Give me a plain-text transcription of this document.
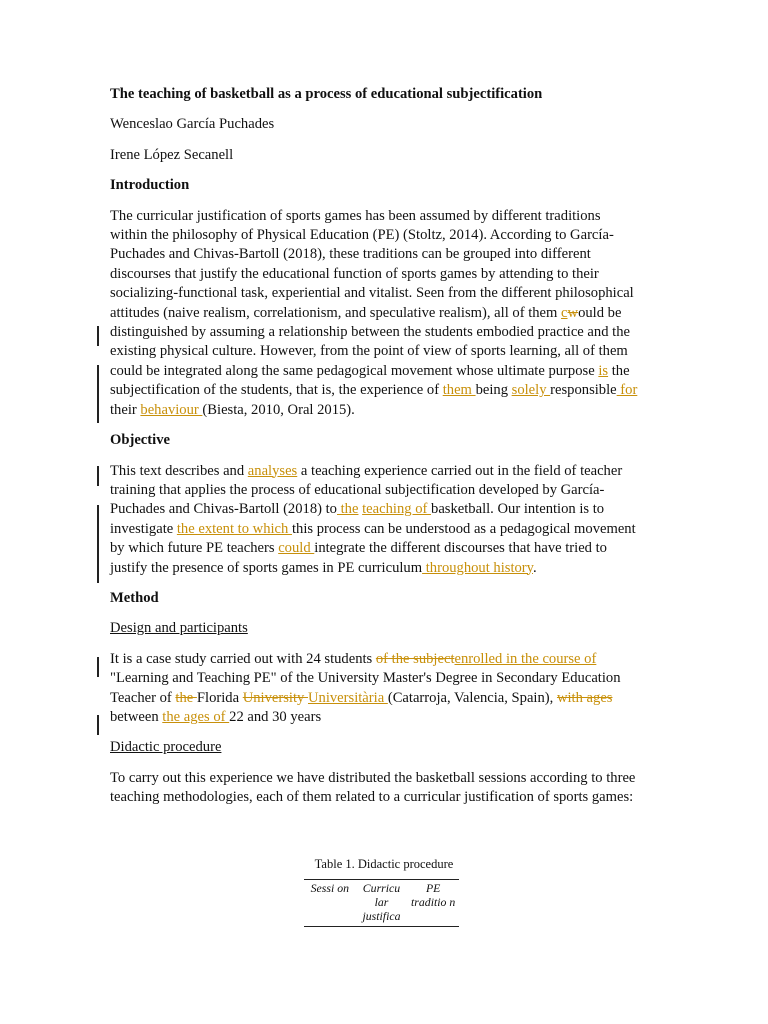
The teaching of basketball as a process of educational subjectification

Wenceslao García Puchades

Irene López Secanell

Introduction

The curricular justification of sports games has been assumed by different traditions within the philosophy of Physical Education (PE) (Stoltz, 2014). According to García-Puchades and Chivas-Bartoll (2018), these traditions can be grouped into different discourses that justify the educational function of sports games by attending to their socializing-functional task, experiential and vitalist. Seen from the different philosophical attitudes (naive realism, correlationism, and speculative realism), all of them cwould be distinguished by assuming a relationship between the students embodied practice and the existing physical culture. However, from the point of view of sports learning, all of them could be integrated along the same pedagogical movement whose ultimate purpose is the subjectification of the students, that is, the experience of them being solely responsible for their behaviour (Biesta, 2010, Oral 2015).

Objective

This text describes and analyses a teaching experience carried out in the field of teacher training that applies the process of educational subjectification developed by García-Puchades and Chivas-Bartoll (2018) to the teaching of basketball. Our intention is to investigate the extent to which this process can be understood as a pedagogical movement by which future PE teachers could integrate the different discourses that have tried to justify the presence of sports games in PE curriculum throughout history.

Method

Design and participants

It is a case study carried out with 24 students of the subjectenrolled in the course of "Learning and Teaching PE" of the University Master's Degree in Secondary Education Teacher of the Florida University Universitària (Catarroja, Valencia, Spain), with ages between the ages of 22 and 30 years

Didactic procedure

To carry out this experience we have distributed the basketball sessions according to three teaching methodologies, each of them related to a curricular justification of sports games:

Table 1. Didactic procedure
Sessi on	Curricu lar justifica	PE traditio n
